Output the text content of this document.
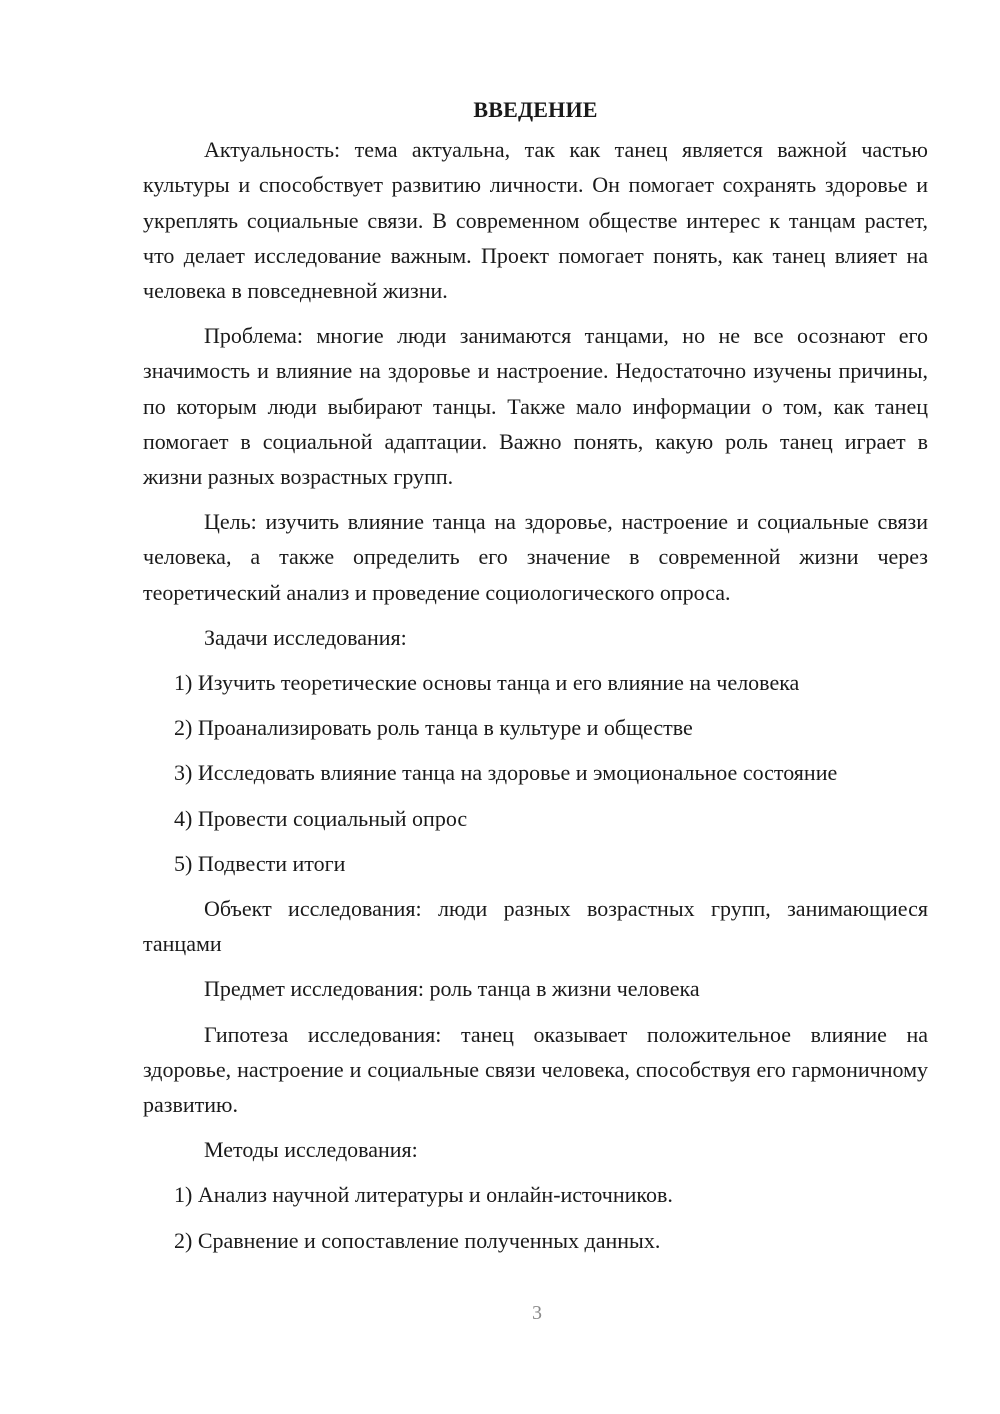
ВВЕДЕНИЕ

Актуальность: тема актуальна, так как танец является важной частью культуры и способствует развитию личности. Он помогает сохранять здоровье и укреплять социальные связи. В современном обществе интерес к танцам растет, что делает исследование важным. Проект помогает понять, как танец влияет на человека в повседневной жизни.

Проблема: многие люди занимаются танцами, но не все осознают его значимость и влияние на здоровье и настроение. Недостаточно изучены причины, по которым люди выбирают танцы. Также мало информации о том, как танец помогает в социальной адаптации. Важно понять, какую роль танец играет в жизни разных возрастных групп.

Цель: изучить влияние танца на здоровье, настроение и социальные связи человека, а также определить его значение в современной жизни через теоретический анализ и проведение социологического опроса.

Задачи исследования:
1) Изучить теоретические основы танца и его влияние на человека
2) Проанализировать роль танца в культуре и обществе
3) Исследовать влияние танца на здоровье и эмоциональное состояние
4) Провести социальный опрос
5) Подвести итоги

Объект исследования: люди разных возрастных групп, занимающиеся танцами

Предмет исследования: роль танца в жизни человека

Гипотеза исследования: танец оказывает положительное влияние на здоровье, настроение и социальные связи человека, способствуя его гармоничному развитию.

Методы исследования:
1) Анализ научной литературы и онлайн-источников.
2) Сравнение и сопоставление полученных данных.
3
